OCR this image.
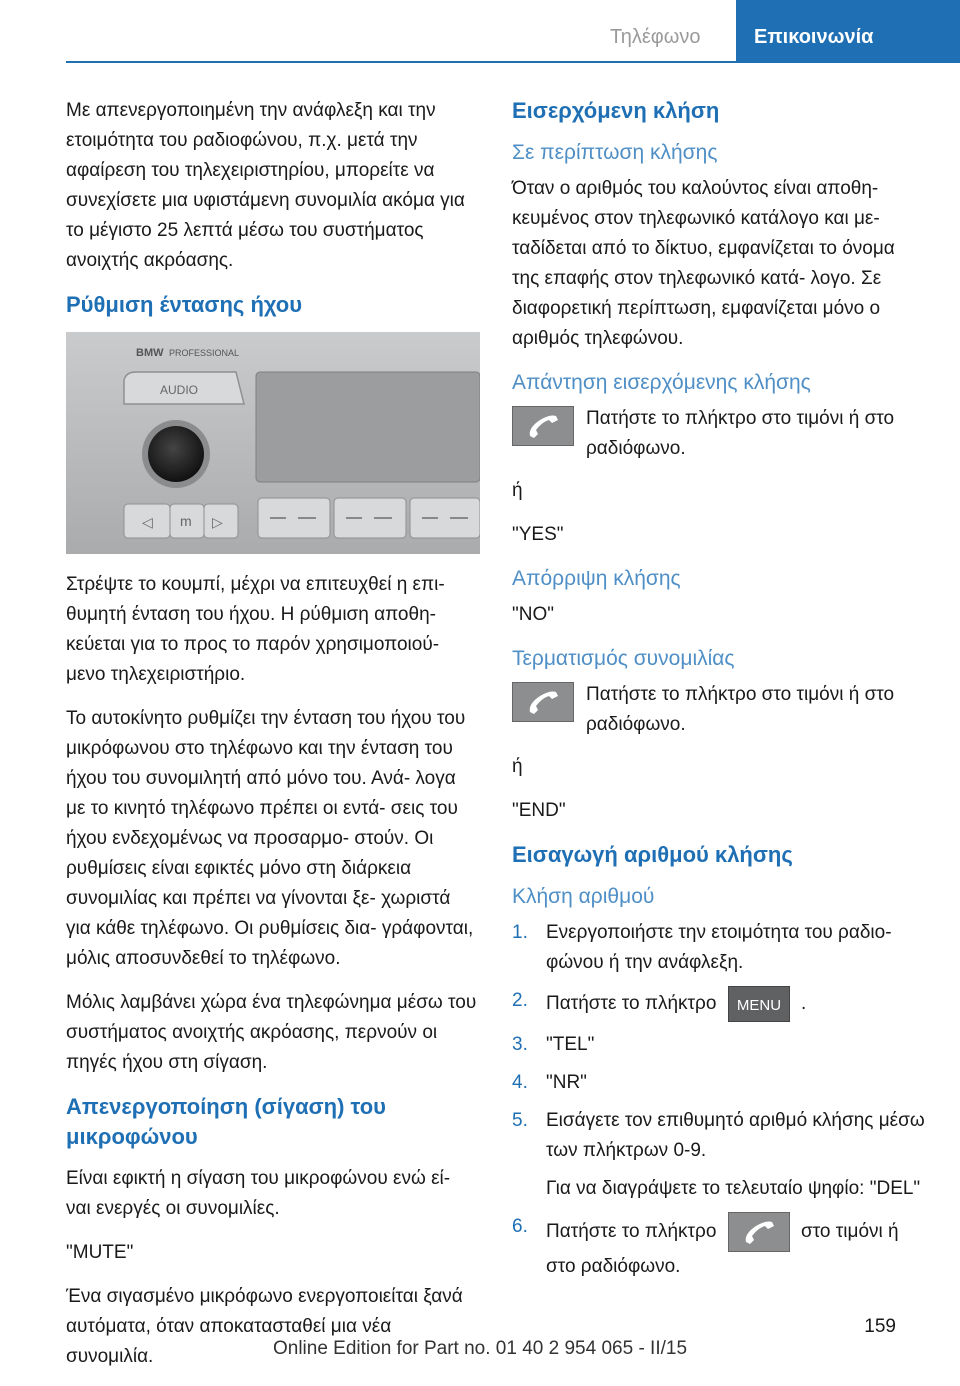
Τηλέφωνο	Επικοινωνία

Με απενεργοποιημένη την ανάφλεξη και την ετοιμότητα του ραδιοφώνου, π.χ. μετά την αφαίρεση του τηλεχειριστηρίου, μπορείτε να συνεχίσετε μια υφιστάμενη συνομιλία ακόμα για το μέγιστο 25 λεπτά μέσω του συστήματος ανοιχτής ακρόασης.

Ρύθμιση έντασης ήχου
BMW PROFESSIONAL
AUDIO
◁ m ▷

Στρέψτε το κουμπί, μέχρι να επιτευχθεί η επι‐ θυμητή ένταση του ήχου. Η ρύθμιση αποθη‐ κεύεται για το προς το παρόν χρησιμοποιού‐ μενο τηλεχειριστήριο.

Το αυτοκίνητο ρυθμίζει την ένταση του ήχου του μικρόφωνου στο τηλέφωνο και την ένταση του ήχου του συνομιλητή από μόνο του. Ανά‐ λογα με το κινητό τηλέφωνο πρέπει οι εντά‐ σεις του ήχου ενδεχομένως να προσαρμο‐ στούν. Οι ρυθμίσεις είναι εφικτές μόνο στη διάρκεια συνομιλίας και πρέπει να γίνονται ξε‐ χωριστά για κάθε τηλέφωνο. Οι ρυθμίσεις δια‐ γράφονται, μόλις αποσυνδεθεί το τηλέφωνο.

Μόλις λαμβάνει χώρα ένα τηλεφώνημα μέσω του συστήματος ανοιχτής ακρόασης, περνούν οι πηγές ήχου στη σίγαση.

Απενεργοποίηση (σίγαση) του μικροφώνου

Είναι εφικτή η σίγαση του μικροφώνου ενώ εί‐ ναι ενεργές οι συνομιλίες.

"MUTE"

Ένα σιγασμένο μικρόφωνο ενεργοποιείται ξανά αυτόματα, όταν αποκατασταθεί μια νέα συνομιλία.

Εισερχόμενη κλήση
Σε περίπτωση κλήσης

Όταν ο αριθμός του καλούντος είναι αποθη‐ κευμένος στον τηλεφωνικό κατάλογο και με‐ ταδίδεται από το δίκτυο, εμφανίζεται το όνομα της επαφής στον τηλεφωνικό κατά‐ λογο. Σε διαφορετική περίπτωση, εμφανίζεται μόνο ο αριθμός τηλεφώνου.

Απάντηση εισερχόμενης κλήσης

Πατήστε το πλήκτρο στο τιμόνι ή στο ραδιόφωνο.

ή

"YES"

Απόρριψη κλήσης

"NO"

Τερματισμός συνομιλίας

Πατήστε το πλήκτρο στο τιμόνι ή στο ραδιόφωνο.

ή

"END"

Εισαγωγή αριθμού κλήσης
Κλήση αριθμού
1. Ενεργοποιήστε την ετοιμότητα του ραδιο‐ φώνου ή την ανάφλεξη.
2. Πατήστε το πλήκτρο MENU .
3. "TEL"
4. "NR"
5. Εισάγετε τον επιθυμητό αριθμό κλήσης μέσω των πλήκτρων 0-9.
Για να διαγράψετε το τελευταίο ψηφίο: "DEL"
6. Πατήστε το πλήκτρο	στο τιμόνι ή στο ραδιόφωνο.
159
Online Edition for Part no. 01 40 2 954 065 - II/15
